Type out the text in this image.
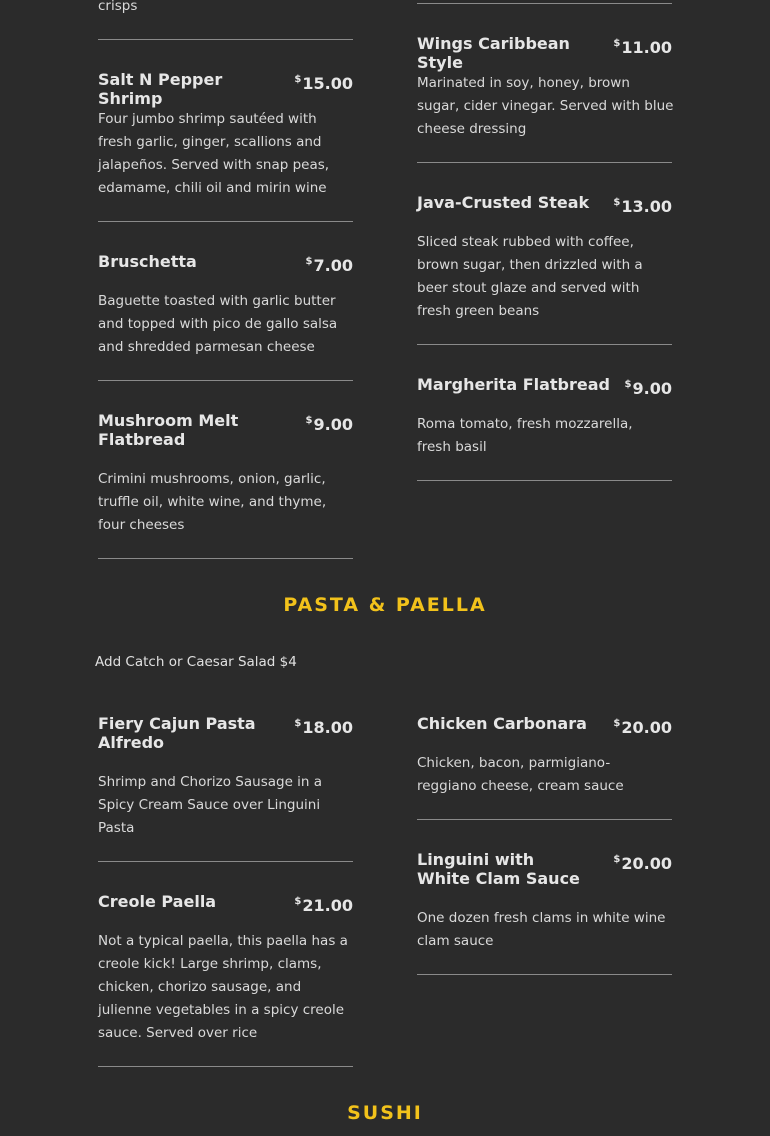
crisps
Salt N Pepper Shrimp
$15.00
Four jumbo shrimp sautéed with fresh garlic, ginger, scallions and jalapeños. Served with snap peas, edamame, chili oil and mirin wine
Bruschetta	$7.00
Baguette toasted with garlic butter and topped with pico de gallo salsa and shredded parmesan cheese
Mushroom Melt Flatbread
$9.00
Crimini mushrooms, onion, garlic, truffle oil, white wine, and thyme, four cheeses
Wings Caribbean Style
$11.00
Marinated in soy, honey, brown sugar, cider vinegar. Served with blue cheese dressing
Java-Crusted Steak	$13.00
Sliced steak rubbed with coffee, brown sugar, then drizzled with a beer stout glaze and served with fresh green beans
Margherita Flatbread	$9.00
Roma tomato, fresh mozzarella, fresh basil
PASTA & PAELLA
Add Catch or Caesar Salad $4
Fiery Cajun Pasta Alfredo
$18.00
Shrimp and Chorizo Sausage in a Spicy Cream Sauce over Linguini Pasta
Creole Paella	$21.00
Not a typical paella, this paella has a creole kick! Large shrimp, clams, chicken, chorizo sausage, and julienne vegetables in a spicy creole sauce. Served over rice
Chicken Carbonara	$20.00
Chicken, bacon, parmigiano-reggiano cheese, cream sauce
Linguini with White Clam Sauce
$20.00
One dozen fresh clams in white wine clam sauce
SUSHI
